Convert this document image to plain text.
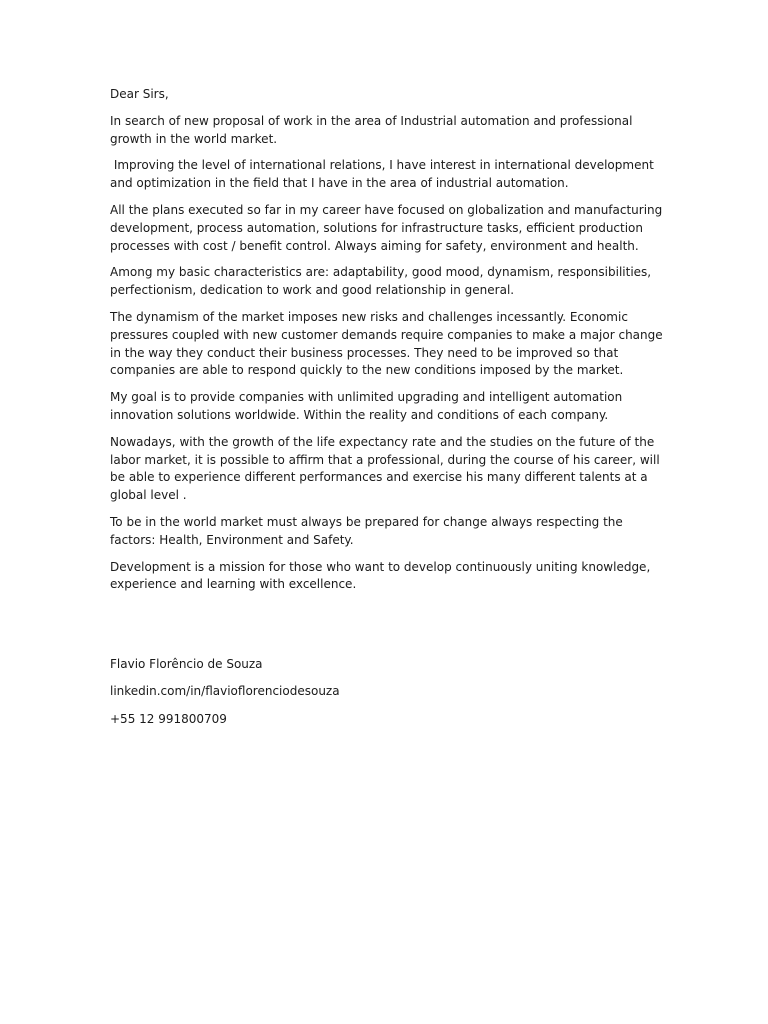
Dear Sirs,

In search of new proposal of work in the area of Industrial automation and professional growth in the world market.

Improving the level of international relations, I have interest in international development and optimization in the field that I have in the area of industrial automation.

All the plans executed so far in my career have focused on globalization and manufacturing development, process automation, solutions for infrastructure tasks, efficient production processes with cost / benefit control. Always aiming for safety, environment and health.

Among my basic characteristics are: adaptability, good mood, dynamism, responsibilities, perfectionism, dedication to work and good relationship in general.

The dynamism of the market imposes new risks and challenges incessantly. Economic pressures coupled with new customer demands require companies to make a major change in the way they conduct their business processes. They need to be improved so that companies are able to respond quickly to the new conditions imposed by the market.

My goal is to provide companies with unlimited upgrading and intelligent automation innovation solutions worldwide. Within the reality and conditions of each company.

Nowadays, with the growth of the life expectancy rate and the studies on the future of the labor market, it is possible to affirm that a professional, during the course of his career, will be able to experience different performances and exercise his many different talents at a global level .

To be in the world market must always be prepared for change always respecting the factors: Health, Environment and Safety.

Development is a mission for those who want to develop continuously uniting knowledge, experience and learning with excellence.

Flavio Florêncio de Souza

linkedin.com/in/flavioflorenciodesouza

+55 12 991800709
